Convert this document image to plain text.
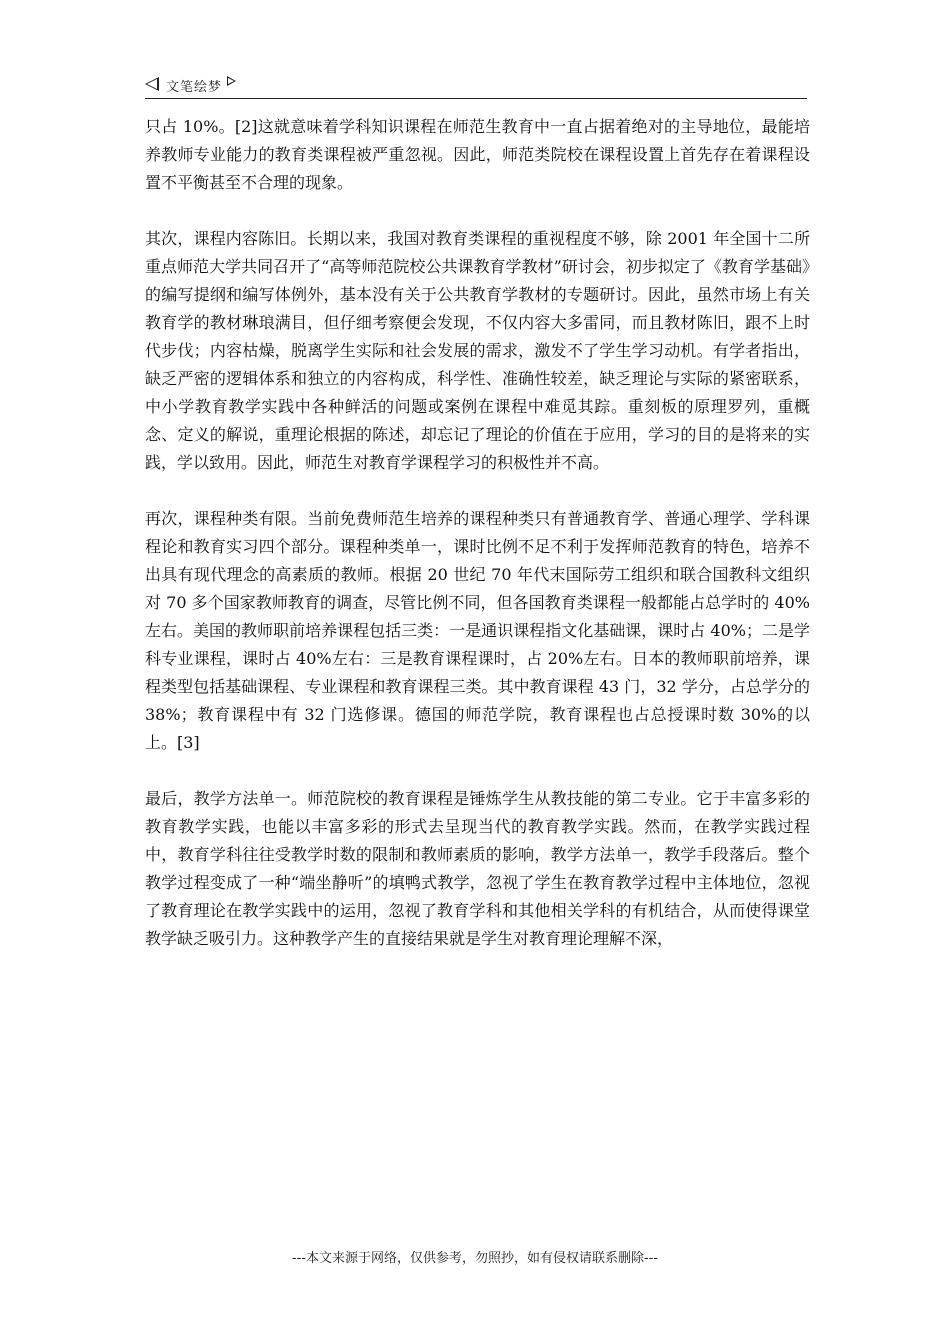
文笔绘梦

只占 10%。[2]这就意味着学科知识课程在师范生教育中一直占据着绝对的主导地位，最能培养教师专业能力的教育类课程被严重忽视。因此，师范类院校在课程设置上首先存在着课程设置不平衡甚至不合理的现象。

其次，课程内容陈旧。长期以来，我国对教育类课程的重视程度不够，除 2001 年全国十二所重点师范大学共同召开了“高等师范院校公共课教育学教材”研讨会，初步拟定了《教育学基础》的编写提纲和编写体例外，基本没有关于公共教育学教材的专题研讨。因此，虽然市场上有关教育学的教材琳琅满目，但仔细考察便会发现，不仅内容大多雷同，而且教材陈旧，跟不上时代步伐；内容枯燥，脱离学生实际和社会发展的需求，激发不了学生学习动机。有学者指出，缺乏严密的逻辑体系和独立的内容构成，科学性、准确性较差，缺乏理论与实际的紧密联系，中小学教育教学实践中各种鲜活的问题或案例在课程中难觅其踪。重刻板的原理罗列，重概念、定义的解说，重理论根据的陈述，却忘记了理论的价值在于应用，学习的目的是将来的实践，学以致用。因此，师范生对教育学课程学习的积极性并不高。

再次，课程种类有限。当前免费师范生培养的课程种类只有普通教育学、普通心理学、学科课程论和教育实习四个部分。课程种类单一，课时比例不足不利于发挥师范教育的特色，培养不出具有现代理念的高素质的教师。根据 20 世纪 70 年代末国际劳工组织和联合国教科文组织对 70 多个国家教师教育的调查，尽管比例不同，但各国教育类课程一般都能占总学时的 40%左右。美国的教师职前培养课程包括三类：一是通识课程指文化基础课，课时占 40%；二是学科专业课程，课时占 40%左右：三是教育课程课时，占 20%左右。日本的教师职前培养，课程类型包括基础课程、专业课程和教育课程三类。其中教育课程 43 门，32 学分，占总学分的 38%；教育课程中有 32 门选修课。德国的师范学院，教育课程也占总授课时数 30%的以上。[3]

最后，教学方法单一。师范院校的教育课程是锤炼学生从教技能的第二专业。它于丰富多彩的教育教学实践，也能以丰富多彩的形式去呈现当代的教育教学实践。然而，在教学实践过程中，教育学科往往受教学时数的限制和教师素质的影响，教学方法单一，教学手段落后。整个教学过程变成了一种“端坐静听”的填鸭式教学，忽视了学生在教育教学过程中主体地位，忽视了教育理论在教学实践中的运用，忽视了教育学科和其他相关学科的有机结合，从而使得课堂教学缺乏吸引力。这种教学产生的直接结果就是学生对教育理论理解不深，

---本文来源于网络，仅供参考，勿照抄，如有侵权请联系删除---
